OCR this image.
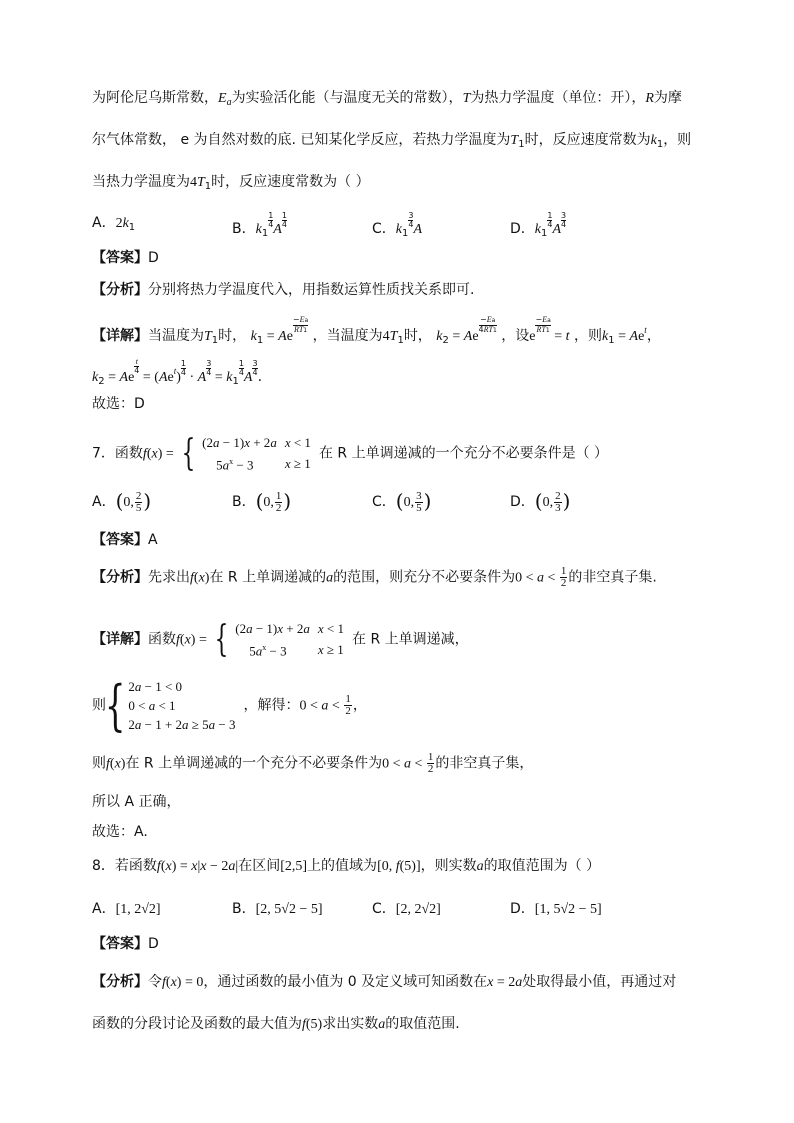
为阿伦尼乌斯常数，$E_a$为实验活化能（与温度无关的常数），T为热力学温度（单位：开），R为摩
尔气体常数， e 为自然对数的底. 已知某化学反应，若热力学温度为$T_1$时，反应速度常数为$k_1$，则
当热力学温度为$4T_1$时，反应速度常数为（ ）
A．$2k_1$	B．$k_1$
$\frac{1}{4}$
A
$\frac{1}{4}$	C．$k_1$
$\frac{3}{4}$
A	D．$k_1$
$\frac{1}{4}$
A
$\frac{3}{4}$
【答案】D
【分析】分别将热力学温度代入，用指数运算性质找关系即可.
【详解】当温度为$T_1$时， $k_1 = Ae$
$\frac{-Ea}{RT1}$
，当温度为$4T_1$时， $k_2 = Ae$
$\frac{-Ea}{4RT1}$
，设e
$\frac{-Ea}{RT1}$
= t ，则$k_1 = Ae^t$，
$k_2 = Ae$
$\frac{t}{4}$
= $(Ae^t)$
$\frac{1}{4}$
· A
$\frac{3}{4}$
= $k_1$
$\frac{1}{4}$
A
$\frac{3}{4}$ .
故选：D
7．函数f(x) = { (2a − 1)x + 2a	x < 1
$5a^x - 3$	x ≥ 1在 R 上单调递减的一个充分不必要条件是（ ）
A．(0, $\frac{2}{5}$ )	B．(0, $\frac{1}{2}$ )	C．(0, $\frac{3}{5}$ )	D．(0, $\frac{2}{3}$ )
【答案】A
【分析】先求出f(x)在 R 上单调递减的a的范围，则充分不必要条件为$0 < a < \frac{1}{2}$ 的非空真子集.
【详解】函数f(x) = { (2a − 1)x + 2a	x < 1
$5a^x - 3$	x ≥ 1在 R 上单调递减，
则{ 2a − 1 < 0
0 < a < 1
2a − 1 + 2a ≥ 5a − 3，解得：$0 < a < \frac{1}{2}$ ，
则f(x)在 R 上单调递减的一个充分不必要条件为$0 < a < \frac{1}{2}$ 的非空真子集，
所以 A 正确，
故选：A.
8．若函数f(x) = x|x − 2a|在区间[2,5]上的值域为[0, f(5)]，则实数a的取值范围为（ ）
A．[1, 2√2]	B．[2, 5√2 − 5]	C．[2, 2√2]	D．[1, 5√2 − 5]
【答案】D
【分析】令f(x) = 0，通过函数的最小值为 0 及定义域可知函数在x = 2a处取得最小值，再通过对
函数的分段讨论及函数的最大值为f(5)求出实数a的取值范围.
